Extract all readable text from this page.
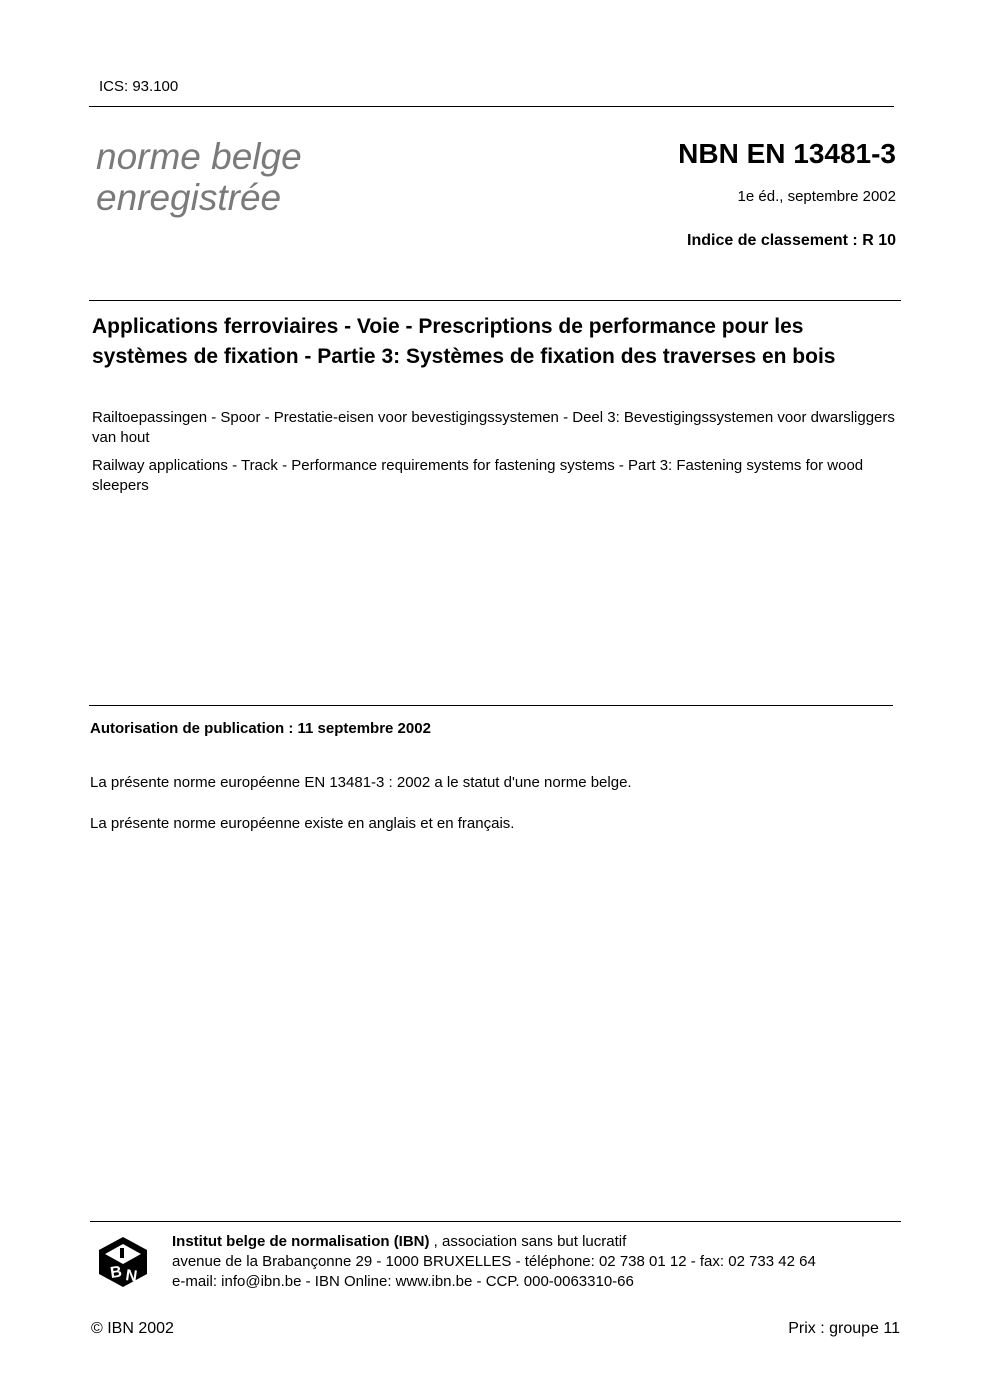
ICS: 93.100
norme belge
enregistrée
NBN EN 13481-3
1e éd., septembre 2002
Indice de classement : R 10
Applications ferroviaires - Voie - Prescriptions de performance pour les systèmes de fixation - Partie 3: Systèmes de fixation des traverses en bois
Railtoepassingen - Spoor - Prestatie-eisen voor bevestigingssystemen - Deel 3: Bevestigingssystemen voor dwarsliggers van hout
Railway applications - Track - Performance requirements for fastening systems - Part 3: Fastening systems for wood sleepers
Autorisation de publication : 11 septembre 2002
La présente norme européenne EN 13481-3 : 2002 a le statut d'une norme belge.
La présente norme européenne existe en anglais et en français.
B N
Institut belge de normalisation (IBN) , association sans but lucratif
avenue de la Brabançonne 29 - 1000 BRUXELLES - téléphone: 02 738 01 12 - fax: 02 733 42 64
e-mail: info@ibn.be - IBN Online: www.ibn.be - CCP. 000-0063310-66
© IBN 2002	Prix : groupe 11
